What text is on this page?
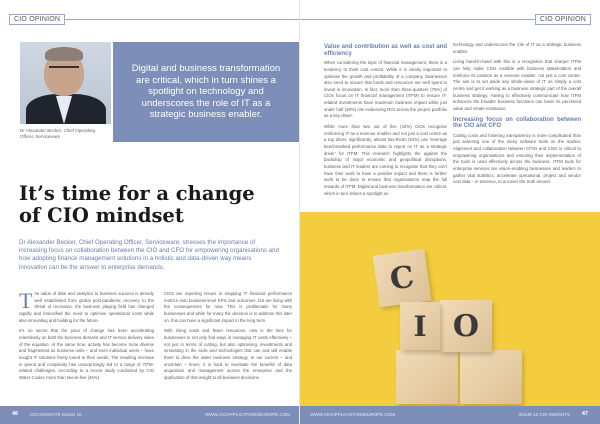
CIO OPINION
Dr Alexander Becker, Chief Operating Officer, Serviceware
Digital and business transformation are critical, which in turn shines a spotlight on technology and underscores the role of IT as a strategic business enabler.
It’s time for a change
of CIO mindset

Dr Alexander Becker, Chief Operating Officer, Serviceware, stresses the importance of increasing focus on collaboration between the CIO and CFO for empowering organisations and how adopting finance management solutions in a holistic and data-driven way means innovation can be the answer to enterprise demands.

The value of data and analytics to business success is already well established from global post-pandemic recovery to the threat of recession, the business playing field has changed rapidly and intensified the need to optimise operational costs while also innovating and building for the future.

It’s no secret that the pace of change has been accelerating relentlessly on both the business demand and IT service delivery sides of the equation. At the same time, activity has become more diverse and fragmented as business units – and even individual users – have sought IT solutions freely tuned to their needs. The resulting increase in spend and complexity has unsurprisingly led to a range of ITFM-related challenges. According to a recent study conducted by CIO Water Cooler, more than two-in-five (46%)

CIOs are reporting issues in mapping IT financial performance metrics onto business-level KPIs and outcomes, but are living with the consequences for now. This is problematic for many businesses and while for many the decision is to address this later on, this can have a significant impact in the long term.

With rising costs and fewer resources, now is the time for businesses to not only find ways in managing IT costs effectively – not just in terms of cutting, but also optimising, investments and innovating in the tools and technologies that can and will enable them to drive the wider business strategy. In our current – and uncertain – times, it is hard to overstate the benefits of data acquisition and management across the enterprise and the application of that insight to all business decisions.

46	CIO INSIGHTS ISSUE 10	WWW.CIOAPPLICATIONSEUROPE.COM
CIO OPINION
Value and contribution as well as cost and efficiency

When considering the topic of financial management, there is a tendency to think cost control. While it is clearly important to optimise the growth and profitability of a company, businesses also need to ensure that funds and resources are well spent to invest in innovation. In fact, more than three-quarters (76%) of CIOs focus on IT financial management (ITFM) to ensure IT-related investments have maximum business impact while just under half (48%) cite evidencing ROI across the project portfolio as a key driver.

While more than two out of five (42%) CIOs recognise reinforcing IT as a revenue enabler and not just a cost centre as a top driver, significantly, almost two-thirds (64%) use 'leverage benchmarked performance data to report on IT as a strategic driver' for ITFM. This research highlights the against the backdrop of major economic and geopolitical disruptions, business and IT leaders are coming to recognise that they can't have their work to have a positive impact and there is further work to be done to ensure that organisations reap the full rewards of ITFM. Digital and business transformation are critical, which in turn shines a spotlight on

technology and underscores the role of IT as a strategic business enabler.

Living hand-in-hand with this is a recognition that sharper ITFM can help make CIOs credible with business stakeholders and reinforce its position as a revenue enabler, not just a cost centre. The aim is to set aside any whole-views of IT as simply a cost centre and get it working as a business strategic part of the overall business strategy. Having to effectively communicate how ITFM enhances the broader business functions can lower its perceived value and create resistance.

Increasing focus on collaboration between the CIO and CFO

Cutting costs and fostering transparency is more complicated than just selecting one of the many software tools on the market. Alignment and collaboration between CFOs and CIOs is critical to empowering organisations and ensuring their implementation of the tools is used effectively across the business. ITFM tools for enterprise services are vision-enabling businesses and leaders to gather vital statistics, accelerate operational, project and vendor cost data – in essence, to uncover the truth around

O
C
I
WWW.CIOAPPLICATIONSEUROPE.COM	ISSUE 10 CIO INSIGHTS 47
